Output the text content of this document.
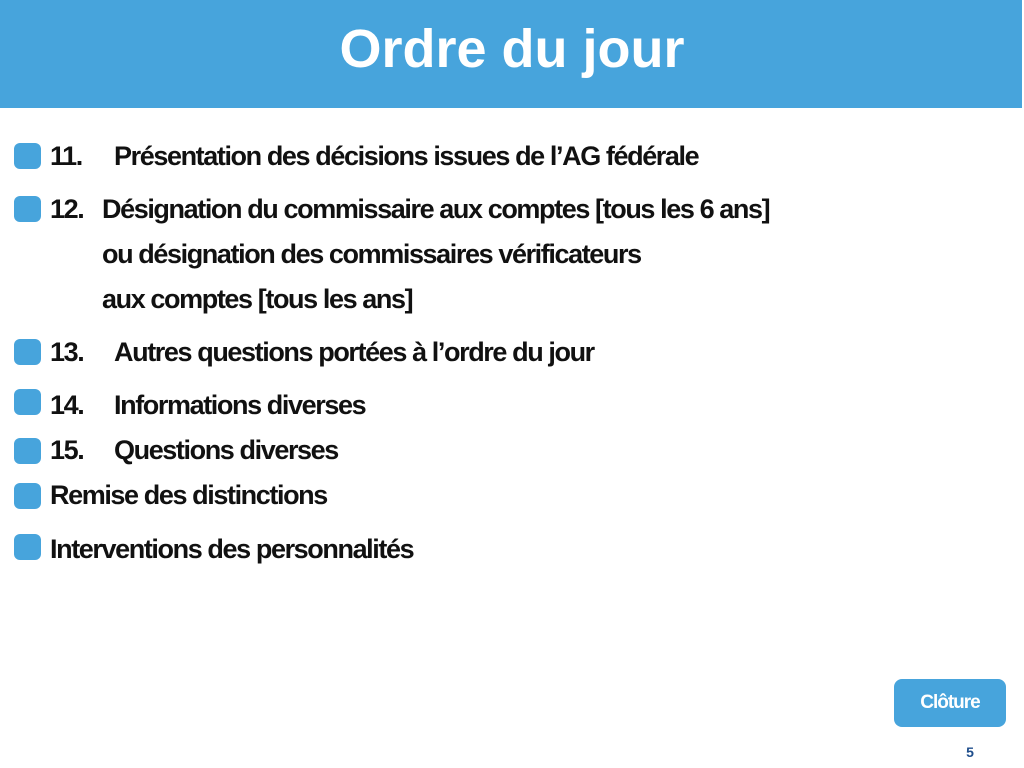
Ordre du jour
11. Présentation des décisions issues de l’AG fédérale
12. Désignation du commissaire aux comptes [tous les 6 ans]
ou désignation des commissaires vérificateurs
aux comptes [tous les ans]
13. Autres questions portées à l’ordre du jour
14. Informations diverses
15. Questions diverses
Remise des distinctions
Interventions des personnalités
Clôture
5
